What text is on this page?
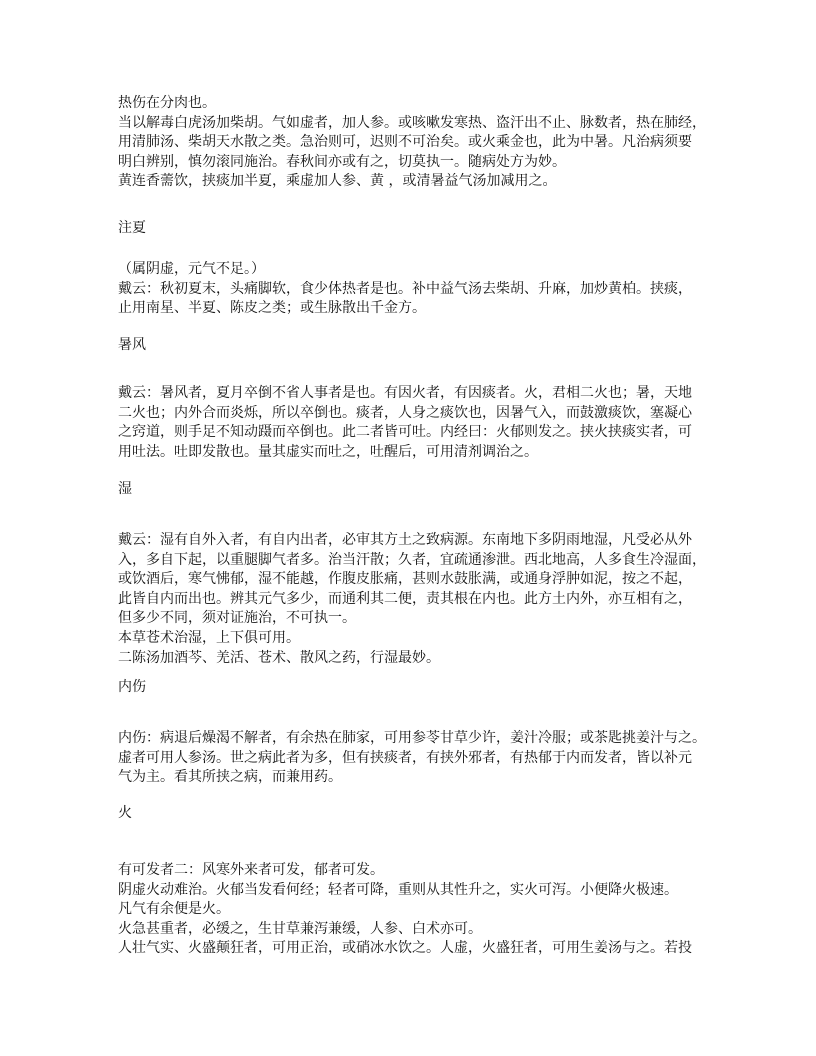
热伤在分肉也。
当以解毒白虎汤加柴胡。气如虚者，加人参。或咳嗽发寒热、盗汗出不止、脉数者，热在肺经，
用清肺汤、柴胡天水散之类。急治则可，迟则不可治矣。或火乘金也，此为中暑。凡治病须要
明白辨别，慎勿滚同施治。春秋间亦或有之，切莫执一。随病处方为妙。
黄连香薷饮，挟痰加半夏，乘虚加人参、黄 ，或清暑益气汤加减用之。
注夏
（属阴虚，元气不足。）
戴云：秋初夏末，头痛脚软，食少体热者是也。补中益气汤去柴胡、升麻，加炒黄柏。挟痰，
止用南星、半夏、陈皮之类；或生脉散出千金方。
暑风
戴云：暑风者，夏月卒倒不省人事者是也。有因火者，有因痰者。火，君相二火也；暑，天地
二火也；内外合而炎烁，所以卒倒也。痰者，人身之痰饮也，因暑气入，而鼓激痰饮，塞凝心
之窍道，则手足不知动蹑而卒倒也。此二者皆可吐。内经曰：火郁则发之。挟火挟痰实者，可
用吐法。吐即发散也。量其虚实而吐之，吐醒后，可用清剂调治之。
湿
戴云：湿有自外入者，有自内出者，必审其方土之致病源。东南地下多阴雨地湿，凡受必从外
入，多自下起，以重腿脚气者多。治当汗散；久者，宜疏通渗泄。西北地高，人多食生冷湿面，
或饮酒后，寒气怫郁，湿不能越，作腹皮胀痛，甚则水鼓胀满，或通身浮肿如泥，按之不起，
此皆自内而出也。辨其元气多少，而通利其二便，责其根在内也。此方土内外，亦互相有之，
但多少不同，须对证施治，不可执一。
本草苍术治湿，上下俱可用。
二陈汤加酒芩、羌活、苍术、散风之药，行湿最妙。
内伤
内伤：病退后燥渴不解者，有余热在肺家，可用参苓甘草少许，姜汁冷服；或茶匙挑姜汁与之。
虚者可用人参汤。世之病此者为多，但有挟痰者，有挟外邪者，有热郁于内而发者，皆以补元
气为主。看其所挟之病，而兼用药。
火
有可发者二：风寒外来者可发，郁者可发。
阴虚火动难治。火郁当发看何经；轻者可降，重则从其性升之，实火可泻。小便降火极速。
凡气有余便是火。
火急甚重者，必缓之，生甘草兼泻兼缓，人参、白术亦可。
人壮气实、火盛颠狂者，可用正治，或硝冰水饮之。人虚，火盛狂者，可用生姜汤与之。若投
